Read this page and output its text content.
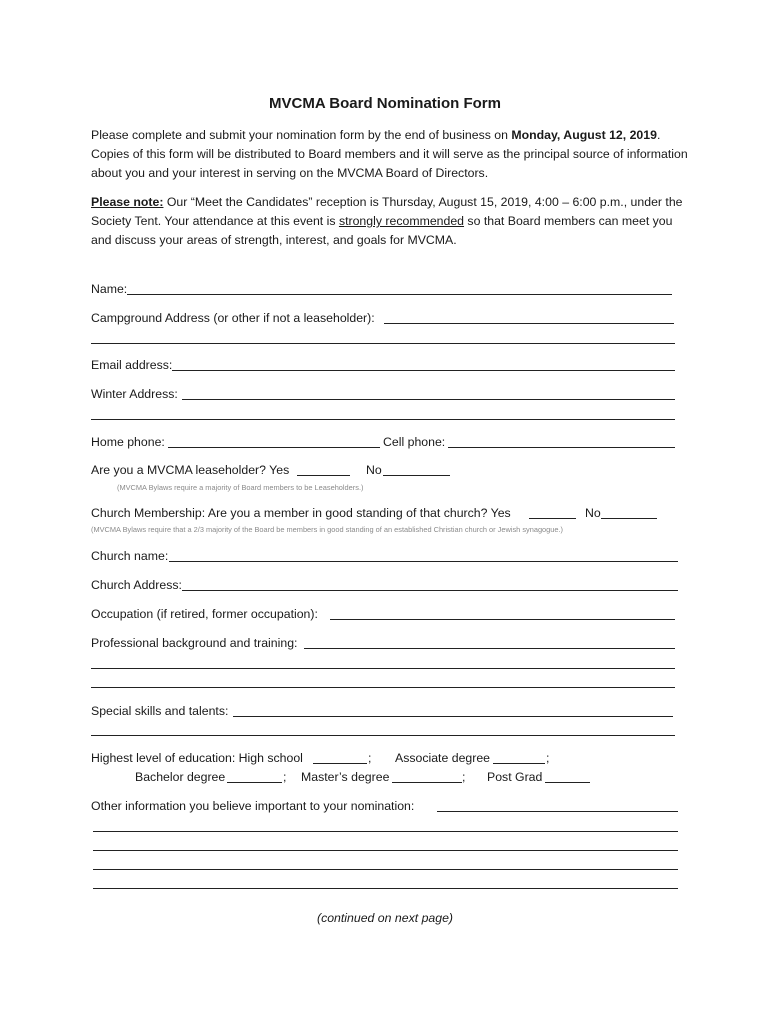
MVCMA Board Nomination Form
Please complete and submit your nomination form by the end of business on Monday, August 12, 2019. Copies of this form will be distributed to Board members and it will serve as the principal source of information about you and your interest in serving on the MVCMA Board of Directors.
Please note: Our “Meet the Candidates” reception is Thursday, August 15, 2019, 4:00 – 6:00 p.m., under the Society Tent. Your attendance at this event is strongly recommended so that Board members can meet you and discuss your areas of strength, interest, and goals for MVCMA.
Name:
Campground Address (or other if not a leaseholder):
Email address:
Winter Address:
Home phone:	Cell phone:
Are you a MVCMA leaseholder? Yes	No
(MVCMA Bylaws require a majority of Board members to be Leaseholders.)
Church Membership: Are you a member in good standing of that church? Yes	No
(MVCMA Bylaws require that a 2/3 majority of the Board be members in good standing of an established Christian church or Jewish synagogue.)
Church name:
Church Address:
Occupation (if retired, former occupation):
Professional background and training:
Special skills and talents:
Highest level of education: High school	; Associate degree	;
Bachelor degree	; Master’s degree	; Post Grad
Other information you believe important to your nomination:
(continued on next page)
